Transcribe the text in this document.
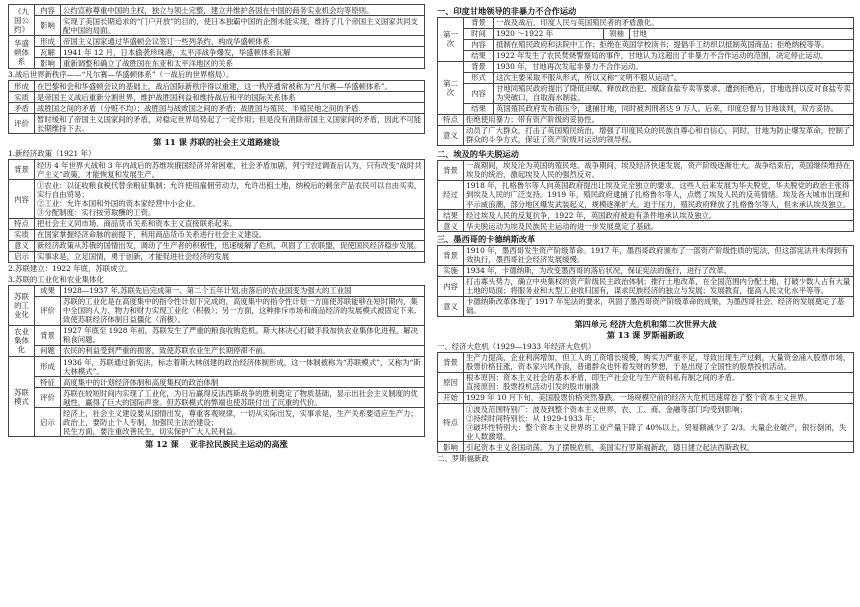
《九国公约》	内容	公约宣称尊重中国的主权，独立与领土完整，建立并维护各国在中国的商务实业机会均等原则。
	影响	实现了美国长期追求的“门户开放”的目的，使日本独霸中国的企图未能实现，维持了几个帝国主义国家共同支配中国的局面。
华盛顿体系	形成	帝国主义国家通过华盛顿会议签订一些列条约，构成华盛顿体系
	瓦解	1941 年 12 月，日本偷袭珍珠港，太平洋战争爆发，华盛顿体系瓦解
	影响	重新调整和确立了战胜国在东亚和太平洋地区的关系
3.战后世界新秩序——“凡尔赛—华盛顿体系”（一战后的世界格局）。
形成	在巴黎和会和华盛顿会议的基础上，战后国际新秩序得以重建，这一秩序通常被称为“凡尔赛—华盛顿体系”。
实质	是帝国主义战后重新分割世界，维护战胜国利益和维持战后和平的国际关系体系
矛盾	战胜国之间的矛盾（分赃不均）；战胜国与战败国之间的矛盾；战胜国与殖民、半殖民地之间的矛盾
评价	暂时缓和了帝国主义国家间的矛盾，对稳定世界局势起了一定作用；但是没有消除帝国主义国家间的矛盾，因此不可能长期维持下去。
第 11 课 苏联的社会主义道路建设
1.新经济政策（1921 年）
背景	经历 4 年世界大战和 3 年内战后的苏维埃俄国经济异常困难，社会矛盾加剧，列宁经过调查后认为，只有改变“战时共产主义”政策，才能恢复和发展生产。
内容	①农业：以征收粮食税代替余粮征集制；允许使用雇佣劳动力，允许出租土地，纳税后的剩余产品农民可以自由买卖，实行自由贸易；
②工业：允许本国和外国的资本家经营中小企业。
③分配制度：实行按劳取酬的工资。
特点	把社会主义同市场、商品货币关系和资本主义直接联系起来。
实质	在国家掌握经济命脉的前提下，利用商品货币关系进行社会主义建设。
意义	新经济政策从苏俄的国情出发，调动了生产者的积极性，迅速缓解了危机，巩固了工农联盟，促使国民经济稳步发展。
启示	实事求是，立足国情，勇于创新，才能促进社会经济的发展
2.苏联建立：1922 年底，苏联成立。
3.苏联的工业化和农业集体化
苏联的工业化	成果	1928—1937 年,苏联先后完成第一、第二个五年计划,由落后的农业国变为强大的工业国
	评价	苏联的工业化是在高度集中的指令性计划下完成的，高度集中的指令性计划一方面使苏联能够在短时期内，集中全国的人力、物力和财力实现工业化（积极）；另一方面，这种排斥市场和商品经济的发展模式被固定下来,致使苏联经济体制日益僵化（消极）。
农业集体化	背景	1927 年底至 1928 年初，苏联发生了严重的粮食收购危机。斯大林决心打破手段加快农业集体化进程，解决粮食问题。
	问题	农民的利益受到严重的损害，致使苏联农业生产长期停滞不前。
苏联模式	形成	1936 年，苏联通过新宪法，标志着斯大林创建的政治经济体制形成，这一体制被称为“苏联模式”，又称为“斯大林模式”。
	特征	高度集中的计划经济体制和高度集权的政治体制
	评价	苏联在较短时间内实现了工业化，为日后赢得反法西斯战争的胜利奠定了物质基础，显示出社会主义制度的优越性，赢得了巨大的国际声誉。但苏联模式的弊端也使苏联付出了沉重的代价。
	启示	经济上，社会主义建设要从国情出发，尊重客观规律，一切从实际出发，实事求是，生产关系要适应生产力；　政治上，要防止个人专制，加强民主法治建设；
民生方面，要注重改善民生，切实保护广大人民利益。
第 12 课　 亚非拉民族民主运动的高涨
一、印度甘地领导的非暴力不合作运动
第一次	背景	一战及战后，印度人民与英国殖民者的矛盾激化。		
	时间	1920 ～1922 年	领袖	甘地
	内容	抵制在殖民政府和法院中工作；拒绝在英国学校读书；提倡手工纺织以抵制英国商品；拒绝纳税等等。		
	结果	1922 年发生了农民焚烧警察局的事件，甘地认为这超出了非暴力不合作运动的范围，决定停止运动。		
第二次	背景	1930 年，甘地再次发起非暴力不合作运动。		
	形式	这次主要采取不服从形式，所以又称“文明不服从运动”。		
	内容	甘地同殖民政府提出了降低田赋、释放政治犯、废除食盐专卖等要求。遭到拒绝后，甘地选择以反对食盐专卖为突破口，自取海水制盐。		
	结果	英国殖民政府发布镇压令，逮捕甘地，同时被判刑者达 9 万人。后来，印度总督与甘地谈判，双方妥协。		
特点	拒绝使用暴力；带有资产阶级的妥协性。			
意义	动员了广大群众，打击了英国殖民统治，增强了印度民众的民族自尊心和自信心，同时，甘地为防止爆发革命，控制了群众的斗争方式，保证了资产阶级对运动的领导权。			
二、埃及的华夫脱运动
背景	一战期间，埃及沦为英国的殖民地。战争期间，埃及经济快速发展，资产阶级逐渐壮大。战争结束后，英国继续维持在埃及的统治，激起埃及人民的强烈反对。
经过	1918 年，扎格鲁尔等人向英国政府提出让埃及完全独立的要求。这些人后来发展为华夫脱党，华夫脱党的政治主张得到埃及人民的广泛支持。1919 年，殖民政府逮捕了扎格鲁尔等人，点燃了埃及人民的反英情绪。埃及各大城市出现和平示威浪潮，部分地区爆发武装起义，规模逐渐扩大。迫于压力，殖民政府释放了扎格鲁尔等人，但未承认埃及独立。
结果	经过埃及人民的反复抗争，1922 年，英国政府被迫有条件地承认埃及独立。
意义	华夫脱运动为埃及民族民主运动的进一步发展奠定了基础。
三、墨西哥的卡德纳斯改革
背景	1910 年，墨西哥发生资产阶级革命。1917 年，墨西哥政府颁布了一部资产阶级性质的宪法，但这部宪法并未得到有效执行，墨西哥社会经济发展缓慢。
实施	1934 年，卡德纳斯，为改变墨西哥的落后状况，保证宪法的施行，进行了改革。
内容	打击寡头势力，确立中央集权的资产阶级民主政治体制；推行土地改革，在全国范围内分配土地，打破少数人占有大量土地的局面；将服务业和大型工业收归国有，谋求民族经济的独立与发展；发展教育，提高人民文化水平等等。
意义	卡德纳斯改革体现了 1917 年宪法的要求，巩固了墨西哥资产阶级革命的成果，为墨西哥社会、经济的发展奠定了基础。
第四单元 经济大危机和第二次世界大战
第 13 课 罗斯福新政
一、经济大危机（1929—1933 年经济大危机）
背景	生产力提高，企业利润增加，但工人的工资增长缓慢，购买力严重不足，导致出现生产过剩，大量资金涌入股票市场，股票价格狂涨，资本家兴风作浪，普通群众也怀着发财的梦想，于是出现了全国性的股票投机活动。
原因	根本原因：资本主义社会的基本矛盾，即生产社会化与生产资料私有制之间的矛盾。
直接原因：股票投机活动引发的股市崩溃
开始	1929 年 10 月下旬，美国股票价格突然暴跌。一场规模空前的经济大危机迅速席卷了整个资本主义世界。
特点	①波及范围特别广：波及到整个资本主义世界，农、工、商、金融等部门均受到影响；
②持续时间特别长：从 1929-1933 年；
③破坏性特别大：整个资本主义世界的工业产量下降了 40%以上，贸易额减少了 2/3。大量企业破产，银行倒闭，失业人数激增。
影响	引起资本主义各国动荡。为了摆脱危机，美国实行罗斯福新政，德日建立起法西斯政权。
二、罗斯福新政
